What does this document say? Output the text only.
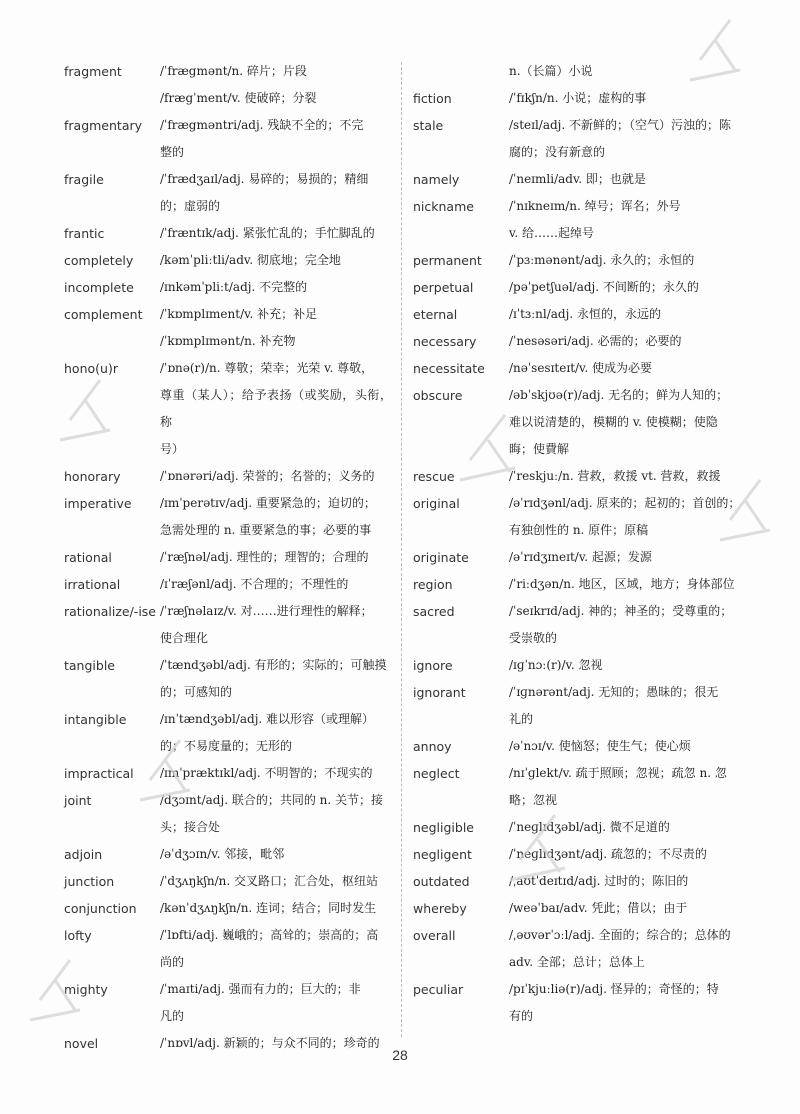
fragment	/ˈfrægmənt/n. 碎片；片段
/frægˈment/v. 使破碎；分裂
fragmentary	/ˈfrægməntri/adj. 残缺不全的；不完
整的
fragile	/ˈfrædʒaɪl/adj. 易碎的；易损的；精细
的；虚弱的
frantic	/ˈfræntɪk/adj. 紧张忙乱的；手忙脚乱的
completely	/kəmˈpliːtli/adv. 彻底地；完全地
incomplete	/ɪnkəmˈpliːt/adj. 不完整的
complement	/ˈkɒmplɪment/v. 补充；补足
/ˈkɒmplɪmənt/n. 补充物
hono(u)r	/ˈɒnə(r)/n. 尊敬；荣幸；光荣 v. 尊敬，
尊重（某人）；给予表扬（或奖励，头衔，称
号）
honorary	/ˈɒnərəri/adj. 荣誉的；名誉的；义务的
imperative	/ɪmˈperətɪv/adj. 重要紧急的；迫切的；
急需处理的 n. 重要紧急的事；必要的事
rational	/ˈræʃnəl/adj. 理性的；理智的；合理的
irrational	/ɪˈræʃənl/adj. 不合理的；不理性的
rationalize/-ise /ˈræʃnəlaɪz/v. 对……进行理性的解释；
使合理化
tangible	/ˈtændʒəbl/adj. 有形的；实际的；可触摸
的；可感知的
intangible	/ɪnˈtændʒəbl/adj. 难以形容（或理解）
的；不易度量的；无形的
impractical	/ɪmˈpræktɪkl/adj. 不明智的；不现实的
joint	/dʒɔɪnt/adj. 联合的；共同的 n. 关节；接
头；接合处
adjoin	/əˈdʒɔɪn/v. 邻接，毗邻
junction	/ˈdʒʌŋkʃn/n. 交叉路口；汇合处，枢纽站
conjunction	/kənˈdʒʌŋkʃn/n. 连词；结合；同时发生
lofty	/ˈlɒfti/adj. 巍峨的；高耸的；崇高的；高
尚的
mighty	/ˈmaɪti/adj. 强而有力的；巨大的；非
凡的
novel	/ˈnɒvl/adj. 新颖的；与众不同的；珍奇的
n.（长篇）小说
fiction	/ˈfɪkʃn/n. 小说；虚构的事
stale	/steɪl/adj. 不新鲜的；（空气）污浊的；陈
腐的；没有新意的
namely	/ˈneɪmli/adv. 即；也就是
nickname	/ˈnɪkneɪm/n. 绰号；诨名；外号
v. 给……起绰号
permanent	/ˈpɜːmənənt/adj. 永久的；永恒的
perpetual	/pəˈpetʃuəl/adj. 不间断的；永久的
eternal	/ɪˈtɜːnl/adj. 永恒的，永远的
necessary	/ˈnesəsəri/adj. 必需的；必要的
necessitate	/nəˈsesɪteɪt/v. 使成为必要
obscure	/əbˈskjʊə(r)/adj. 无名的；鲜为人知的；
难以说清楚的，模糊的 v. 使模糊；使隐
晦；使費解
rescue	/ˈreskjuː/n. 营救，救援 vt. 营救，救援
original	/əˈrɪdʒənl/adj. 原来的；起初的；首创的；
有独创性的 n. 原件；原稿
originate	/əˈrɪdʒɪneɪt/v. 起源；发源
region	/ˈriːdʒən/n. 地区，区域，地方；身体部位
sacred	/ˈseɪkrɪd/adj. 神的；神圣的；受尊重的；
受崇敬的
ignore	/ɪɡˈnɔː(r)/v. 忽视
ignorant	/ˈɪɡnərənt/adj. 无知的；愚昧的；很无
礼的
annoy	/əˈnɔɪ/v. 使恼怒；使生气；使心烦
neglect	/nɪˈɡlekt/v. 疏于照顾；忽视；疏忽 n. 忽
略；忽视
negligible	/ˈneɡlɪdʒəbl/adj. 微不足道的
negligent	/ˈneɡlɪdʒənt/adj. 疏忽的；不尽责的
outdated	/ˌaʊtˈdeɪtɪd/adj. 过时的；陈旧的
whereby	/weəˈbaɪ/adv. 凭此；借以；由于
overall	/ˌəʊvərˈɔːl/adj. 全面的；综合的；总体的
adv. 全部；总计；总体上
peculiar	/pɪˈkjuːliə(r)/adj. 怪异的；奇怪的；特
有的
28
